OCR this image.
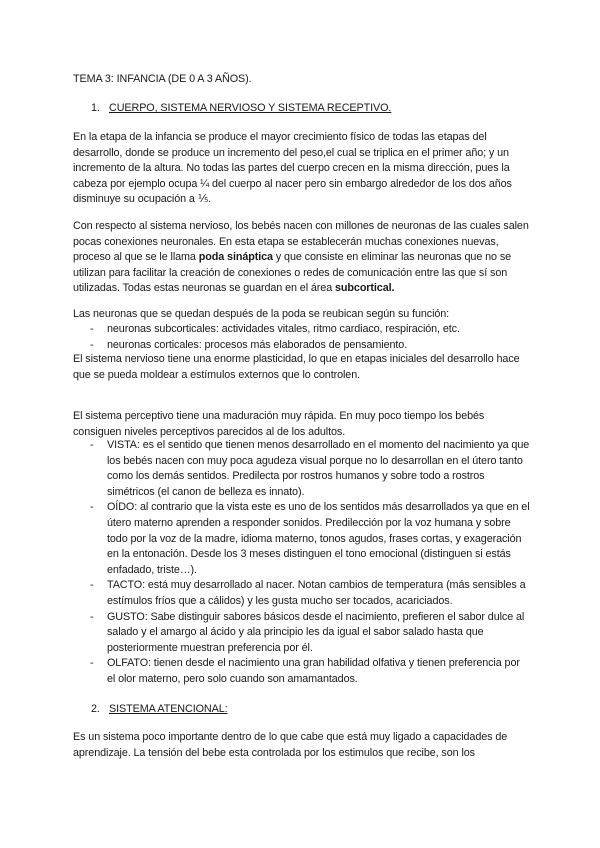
TEMA 3: INFANCIA (DE 0 A 3 AÑOS).

1. CUERPO, SISTEMA NERVIOSO Y SISTEMA RECEPTIVO.

En la etapa de la infancia se produce el mayor crecimiento físico de todas las etapas del desarrollo, donde se produce un incremento del peso,el cual se triplica en el primer año; y un incremento de la altura. No todas las partes del cuerpo crecen en la misma dirección, pues la cabeza por ejemplo ocupa ¼ del cuerpo al nacer pero sin embargo alrededor de los dos años disminuye su ocupación a ⅕.

Con respecto al sistema nervioso, los bebés nacen con millones de neuronas de las cuales salen pocas conexiones neuronales. En esta etapa se establecerán muchas conexiones nuevas, proceso al que se le llama poda sináptica y que consiste en eliminar las neuronas que no se utilizan para facilitar la creación de conexiones o redes de comunicación entre las que sí son utilizadas. Todas estas neuronas se guardan en el área subcortical.

Las neuronas que se quedan después de la poda se reubican según su función:

- neuronas subcorticales: actividades vitales, ritmo cardiaco, respiración, etc.
- neuronas corticales: procesos más elaborados de pensamiento.

El sistema nervioso tiene una enorme plasticidad, lo que en etapas iniciales del desarrollo hace que se pueda moldear a estímulos externos que lo controlen.

El sistema perceptivo tiene una maduración muy rápida. En muy poco tiempo los bebés consiguen niveles perceptivos parecidos al de los adultos.

- VISTA: es el sentido que tienen menos desarrollado en el momento del nacimiento ya que los bebés nacen con muy poca agudeza visual porque no lo desarrollan en el útero tanto como los demás sentidos. Predilecta por rostros humanos y sobre todo a rostros simétricos (el canon de belleza es innato).
- OÍDO: al contrario que la vista este es uno de los sentidos más desarrollados ya que en el útero materno aprenden a responder sonidos. Predilección por la voz humana y sobre todo por la voz de la madre, idioma materno, tonos agudos, frases cortas, y exageración en la entonación. Desde los 3 meses distinguen el tono emocional (distinguen si estás enfadado, triste…).
- TACTO: está muy desarrollado al nacer. Notan cambios de temperatura (más sensibles a estímulos fríos que a cálidos) y les gusta mucho ser tocados, acariciados.
- GUSTO: Sabe distinguir sabores básicos desde el nacimiento, prefieren el sabor dulce al salado y el amargo al ácido y ala principio les da igual el sabor salado hasta que posteriormente muestran preferencia por él.
- OLFATO: tienen desde el nacimiento una gran habilidad olfativa y tienen preferencia por el olor materno, pero solo cuando son amamantados.
2. SISTEMA ATENCIONAL:

Es un sistema poco importante dentro de lo que cabe que está muy ligado a capacidades de aprendizaje. La tensión del bebe esta controlada por los estimulos que recibe, son los
